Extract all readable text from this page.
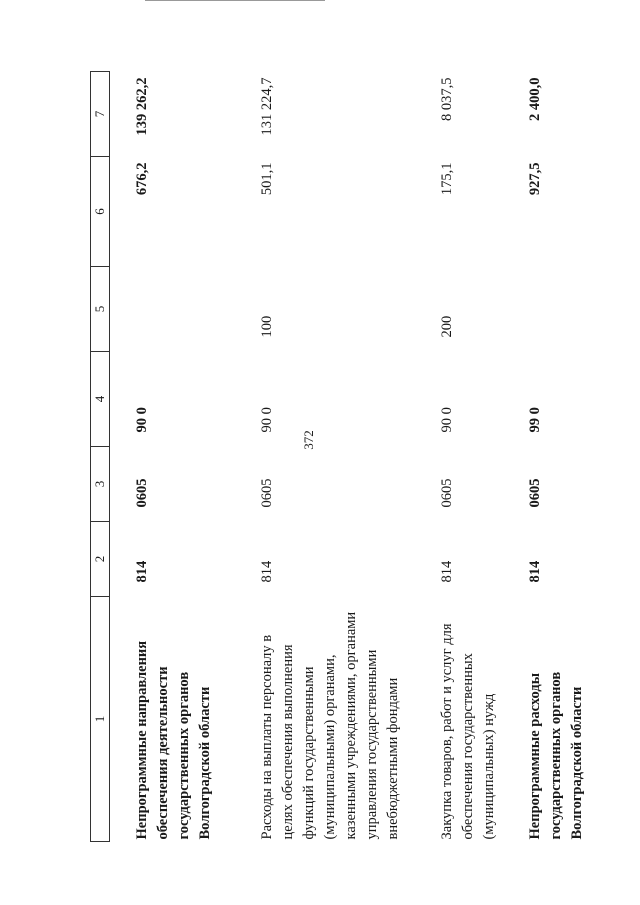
372
1	2	3	4	5	6	7
Непрограммные направления обеспечения деятельности государственных органов Волгоградской области	814	0605	90 0		676,2	139 262,2
Расходы на выплаты персоналу в целях обеспечения выполнения функций государственными (муниципальными) органами, казенными учреждениями, органами управления государственными внебюджетными фондами	814	0605	90 0	100	501,1	131 224,7
Закупка товаров, работ и услуг для обеспечения государственных (муниципальных) нужд	814	0605	90 0	200	175,1	8 037,5
Непрограммные расходы государственных органов Волгоградской области	814	0605	99 0		927,5	2 400,0
